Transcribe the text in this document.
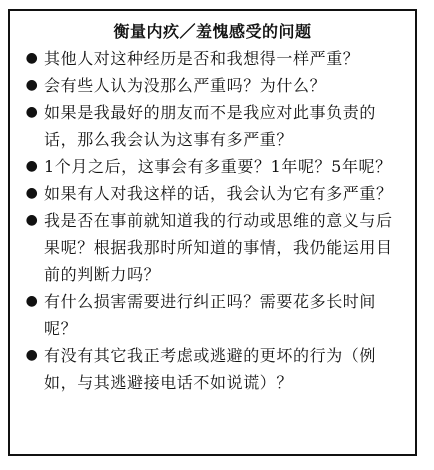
衡量内疚／羞愧感受的问题
● 其他人对这种经历是否和我想得一样严重？
● 会有些人认为没那么严重吗？为什么？
● 如果是我最好的朋友而不是我应对此事负责的话，那么我会认为这事有多严重？
● 1个月之后，这事会有多重要？1年呢？5年呢？
● 如果有人对我这样的话，我会认为它有多严重？
● 我是否在事前就知道我的行动或思维的意义与后果呢？根据我那时所知道的事情，我仍能运用目前的判断力吗？
● 有什么损害需要进行纠正吗？需要花多长时间呢？
● 有没有其它我正考虑或逃避的更坏的行为（例如，与其逃避接电话不如说谎）？
